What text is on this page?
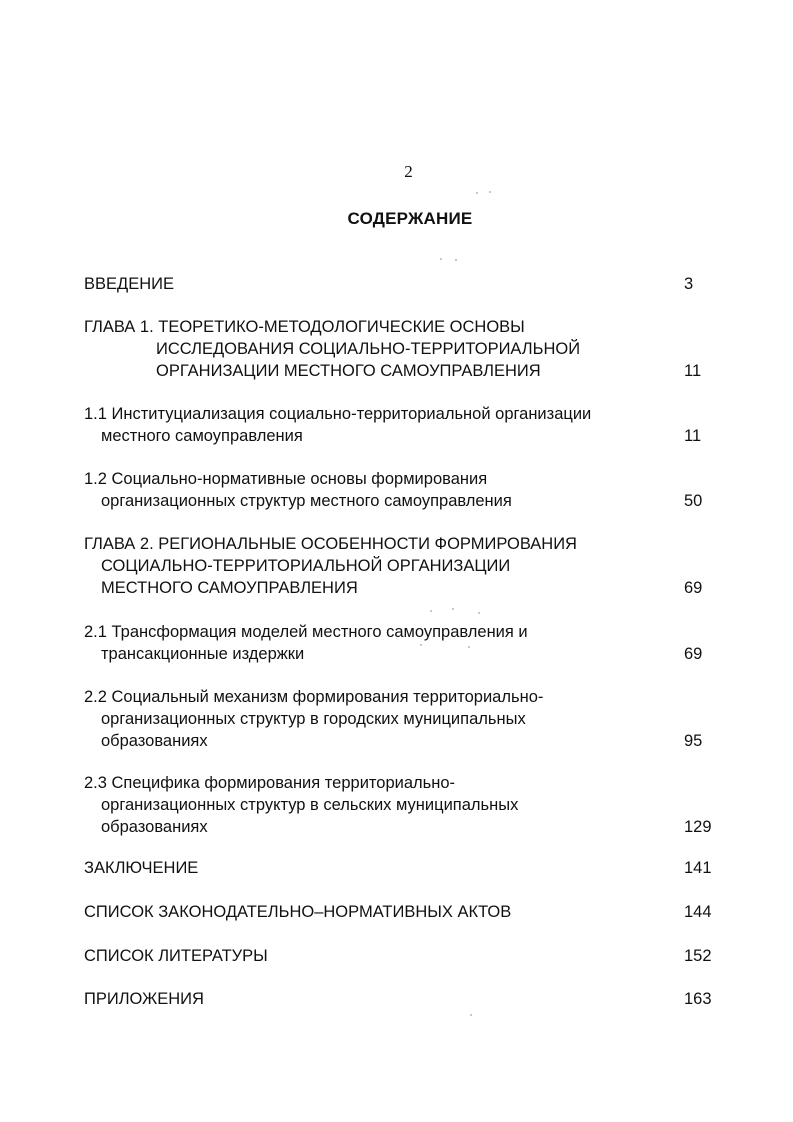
2
СОДЕРЖАНИЕ
ВВЕДЕНИЕ	3
ГЛАВА 1. ТЕОРЕТИКО-МЕТОДОЛОГИЧЕСКИЕ ОСНОВЫ
ИССЛЕДОВАНИЯ СОЦИАЛЬНО-ТЕРРИТОРИАЛЬНОЙ
ОРГАНИЗАЦИИ МЕСТНОГО САМОУПРАВЛЕНИЯ	11
1.1 Институциализация социально-территориальной организации
местного самоуправления	11
1.2 Социально-нормативные основы формирования
организационных структур местного самоуправления	50
ГЛАВА 2. РЕГИОНАЛЬНЫЕ ОСОБЕННОСТИ ФОРМИРОВАНИЯ
СОЦИАЛЬНО-ТЕРРИТОРИАЛЬНОЙ ОРГАНИЗАЦИИ
МЕСТНОГО САМОУПРАВЛЕНИЯ	69
2.1 Трансформация моделей местного самоуправления и
трансакционные издержки	69
2.2 Социальный механизм формирования территориально-
организационных структур в городских муниципальных
образованиях	95
2.3 Специфика формирования территориально-
организационных структур в сельских муниципальных
образованиях	129
ЗАКЛЮЧЕНИЕ	141
СПИСОК ЗАКОНОДАТЕЛЬНО–НОРМАТИВНЫХ АКТОВ	144
СПИСОК ЛИТЕРАТУРЫ	152
ПРИЛОЖЕНИЯ	163
